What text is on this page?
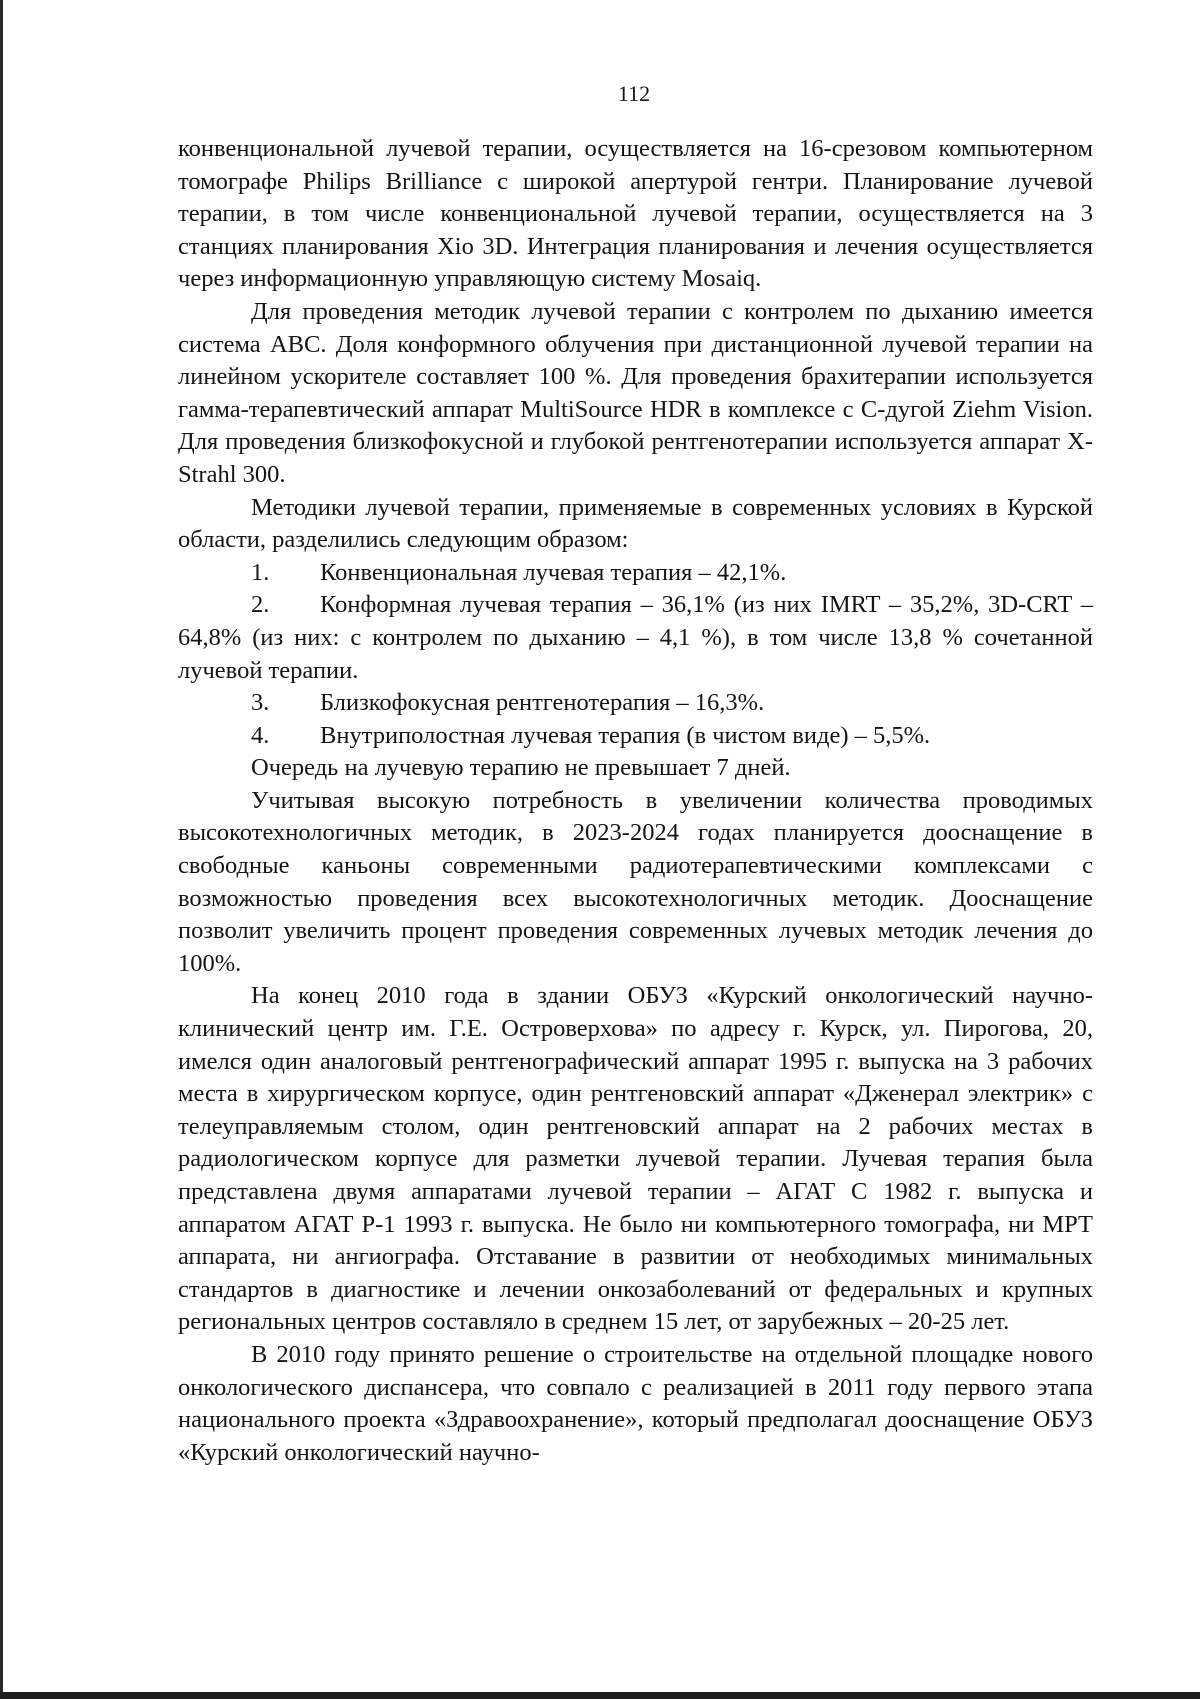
112

конвенциональной лучевой терапии, осуществляется на 16-срезовом компьютерном томографе Philips Brilliance с широкой апертурой гентри. Планирование лучевой терапии, в том числе конвенциональной лучевой терапии, осуществляется на 3 станциях планирования Xio 3D. Интеграция планирования и лечения осуществляется через информационную управляющую систему Mosaiq.

Для проведения методик лучевой терапии с контролем по дыханию имеется система ABC. Доля конформного облучения при дистанционной лучевой терапии на линейном ускорителе составляет 100 %. Для проведения брахитерапии используется гамма-терапевтический аппарат MultiSource HDR в комплексе с С-дугой Ziehm Vision. Для проведения близкофокусной и глубокой рентгенотерапии используется аппарат X-Strahl 300.

Методики лучевой терапии, применяемые в современных условиях в Курской области, разделились следующим образом:

1.	Конвенциональная лучевая терапия – 42,1%.

2. Конформная лучевая терапия – 36,1% (из них IMRT – 35,2%, 3D-CRT – 64,8% (из них: с контролем по дыханию – 4,1 %), в том числе 13,8 % сочетанной лучевой терапии.

3.	Близкофокусная рентгенотерапия – 16,3%.
4.	Внутриполостная лучевая терапия (в чистом виде) – 5,5%.

Очередь на лучевую терапию не превышает 7 дней.

Учитывая высокую потребность в увеличении количества проводимых высокотехнологичных методик, в 2023-2024 годах планируется дооснащение в свободные каньоны современными радиотерапевтическими комплексами с возможностью проведения всех высокотехнологичных методик. Дооснащение позволит увеличить процент проведения современных лучевых методик лечения до 100%.

На конец 2010 года в здании ОБУЗ «Курский онкологический научно-клинический центр им. Г.Е. Островерхова» по адресу г. Курск, ул. Пирогова, 20, имелся один аналоговый рентгенографический аппарат 1995 г. выпуска на 3 рабочих места в хирургическом корпусе, один рентгеновский аппарат «Дженерал электрик» с телеуправляемым столом, один рентгеновский аппарат на 2 рабочих местах в радиологическом корпусе для разметки лучевой терапии. Лучевая терапия была представлена двумя аппаратами лучевой терапии – АГАТ С 1982 г. выпуска и аппаратом АГАТ Р-1 1993 г. выпуска. Не было ни компьютерного томографа, ни МРТ аппарата, ни ангиографа. Отставание в развитии от необходимых минимальных стандартов в диагностике и лечении онкозаболеваний от федеральных и крупных региональных центров составляло в среднем 15 лет, от зарубежных – 20-25 лет.

В 2010 году принято решение о строительстве на отдельной площадке нового онкологического диспансера, что совпало с реализацией в 2011 году первого этапа национального проекта «Здравоохранение», который предполагал дооснащение ОБУЗ «Курский онкологический научно-
